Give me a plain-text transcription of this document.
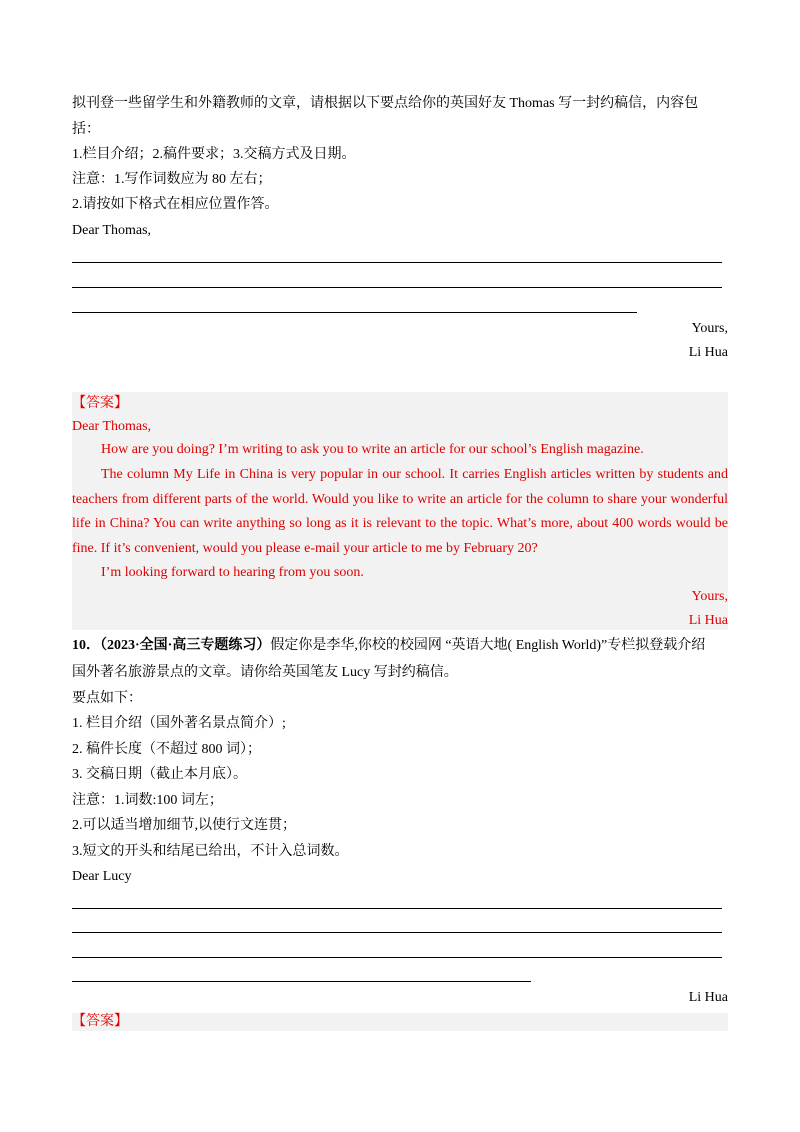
拟刊登一些留学生和外籍教师的文章，请根据以下要点给你的英国好友 Thomas 写一封约稿信，内容包
括：
1.栏目介绍；2.稿件要求；3.交稿方式及日期。
注意：1.写作词数应为 80 左右；
2.请按如下格式在相应位置作答。
Dear Thomas,
Yours,
Li Hua
【答案】
Dear Thomas,
How are you doing? I’m writing to ask you to write an article for our school’s English magazine.
The column My Life in China is very popular in our school. It carries English articles written by students and teachers from different parts of the world. Would you like to write an article for the column to share your wonderful life in China? You can write anything so long as it is relevant to the topic. What’s more, about 400 words would be fine. If it’s convenient, would you please e-mail your article to me by February 20?
I’m looking forward to hearing from you soon.
Yours,
Li Hua
10．（2023·全国·高三专题练习）假定你是李华,你校的校园网 “英语大地( English World)”专栏拟登载介绍
国外著名旅游景点的文章。请你给英国笔友 Lucy 写封约稿信。
要点如下：
1. 栏目介绍（国外著名景点简介）;
2. 稿件长度（不超过 800 词）；
3. 交稿日期（截止本月底）。
注意：1.词数:100 词左；
2.可以适当增加细节,以使行文连贯；
3.短文的开头和结尾已给出，不计入总词数。
Dear Lucy
Li Hua
【答案】
